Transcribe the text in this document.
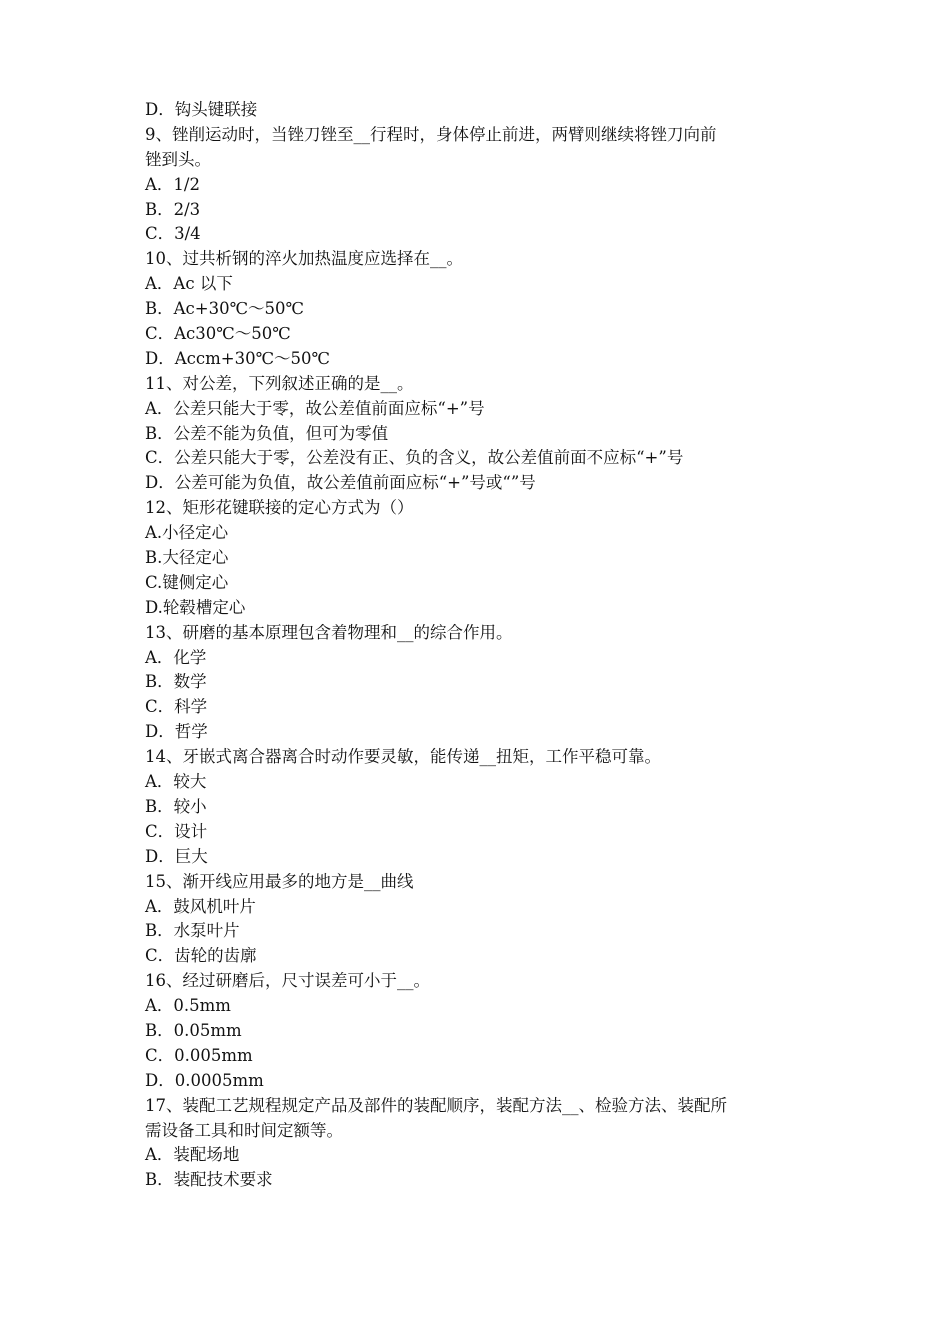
D．钩头键联接
9、锉削运动时，当锉刀锉至__行程时，身体停止前进，两臂则继续将锉刀向前
锉到头。
A．1/2
B．2/3
C．3/4
10、过共析钢的淬火加热温度应选择在__。
A．Ac 以下
B．Ac+30℃～50℃
C．Ac30℃～50℃
D．Accm+30℃～50℃
11、对公差，下列叙述正确的是__。
A．公差只能大于零，故公差值前面应标“+”号
B．公差不能为负值，但可为零值
C．公差只能大于零，公差没有正、负的含义，故公差值前面不应标“+”号
D．公差可能为负值，故公差值前面应标“+”号或“”号
12、矩形花键联接的定心方式为（）
A.小径定心
B.大径定心
C.键侧定心
D.轮毂槽定心
13、研磨的基本原理包含着物理和__的综合作用。
A．化学
B．数学
C．科学
D．哲学
14、牙嵌式离合器离合时动作要灵敏，能传递__扭矩，工作平稳可靠。
A．较大
B．较小
C．设计
D．巨大
15、渐开线应用最多的地方是__曲线
A．鼓风机叶片
B．水泵叶片
C．齿轮的齿廓
16、经过研磨后，尺寸误差可小于__。
A．0.5mm
B．0.05mm
C．0.005mm
D．0.0005mm
17、装配工艺规程规定产品及部件的装配顺序，装配方法__、检验方法、装配所
需设备工具和时间定额等。
A．装配场地
B．装配技术要求
